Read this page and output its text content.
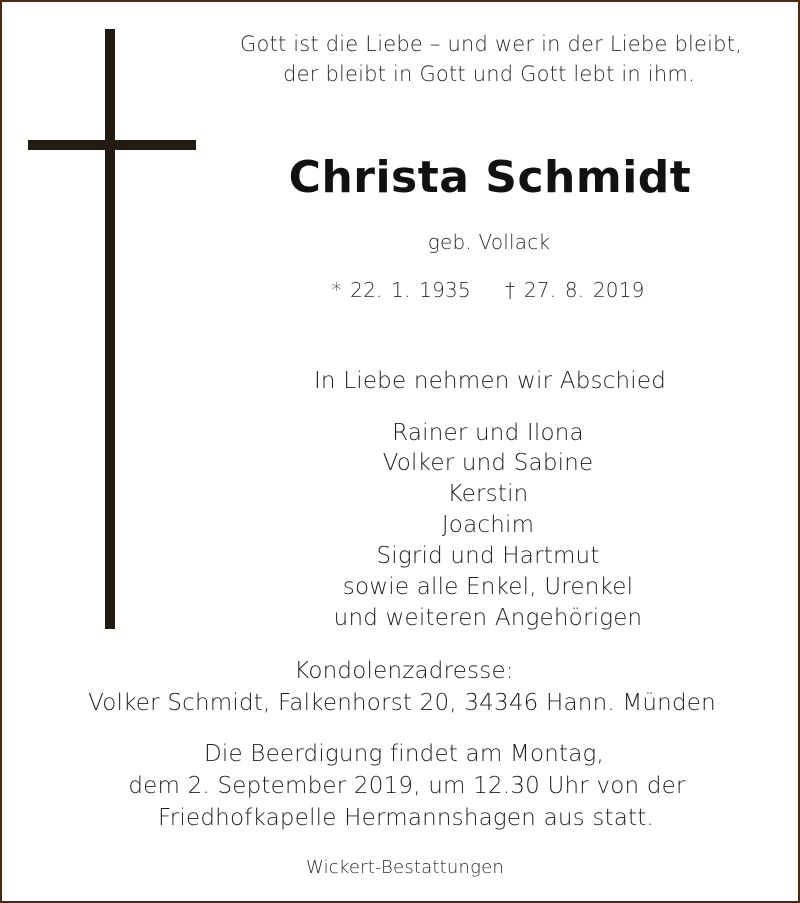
Gott ist die Liebe – und wer in der Liebe bleibt,
der bleibt in Gott und Gott lebt in ihm.
Christa Schmidt
geb. Vollack
* 22. 1. 1935    † 27. 8. 2019
In Liebe nehmen wir Abschied
Rainer und Ilona
Volker und Sabine
Kerstin
Joachim
Sigrid und Hartmut
sowie alle Enkel, Urenkel
und weiteren Angehörigen
Kondolenzadresse:
Volker Schmidt, Falkenhorst 20, 34346 Hann. Münden
Die Beerdigung findet am Montag,
dem 2. September 2019, um 12.30 Uhr von der
Friedhofkapelle Hermannshagen aus statt.
Wickert-Bestattungen
